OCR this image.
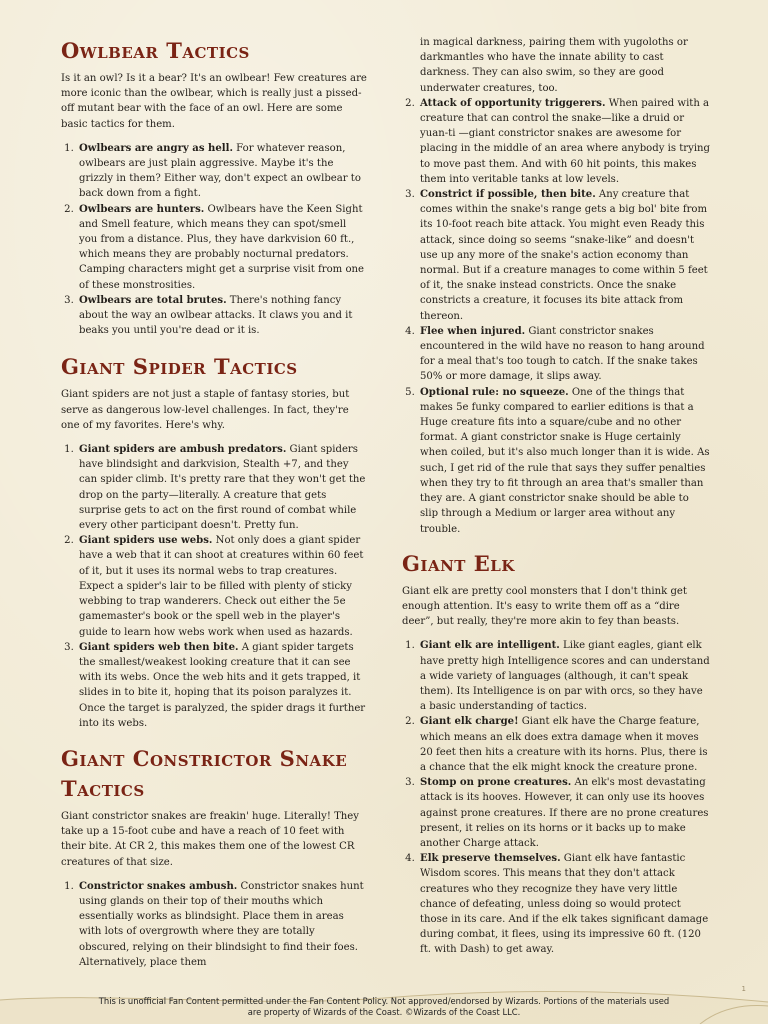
Owlbear Tactics

Is it an owl? Is it a bear? It's an owlbear! Few creatures are more iconic than the owlbear, which is really just a pissed-off mutant bear with the face of an owl. Here are some basic tactics for them.

1. Owlbears are angry as hell. For whatever reason, owlbears are just plain aggressive. Maybe it's the grizzly in them? Either way, don't expect an owlbear to back down from a fight.
2. Owlbears are hunters. Owlbears have the Keen Sight and Smell feature, which means they can spot/smell you from a distance. Plus, they have darkvision 60 ft., which means they are probably nocturnal predators. Camping characters might get a surprise visit from one of these monstrosities.
3. Owlbears are total brutes. There's nothing fancy about the way an owlbear attacks. It claws you and it beaks you until you're dead or it is.
Giant Spider Tactics

Giant spiders are not just a staple of fantasy stories, but serve as dangerous low-level challenges. In fact, they're one of my favorites. Here's why.

1. Giant spiders are ambush predators. Giant spiders have blindsight and darkvision, Stealth +7, and they can spider climb. It's pretty rare that they won't get the drop on the party—literally. A creature that gets surprise gets to act on the first round of combat while every other participant doesn't. Pretty fun.
2. Giant spiders use webs. Not only does a giant spider have a web that it can shoot at creatures within 60 feet of it, but it uses its normal webs to trap creatures. Expect a spider's lair to be filled with plenty of sticky webbing to trap wanderers. Check out either the 5e gamemaster's book or the spell web in the player's guide to learn how webs work when used as hazards.
3. Giant spiders web then bite. A giant spider targets the smallest/weakest looking creature that it can see with its webs. Once the web hits and it gets trapped, it slides in to bite it, hoping that its poison paralyzes it. Once the target is paralyzed, the spider drags it further into its webs.
Giant Constrictor Snake Tactics

Giant constrictor snakes are freakin' huge. Literally! They take up a 15-foot cube and have a reach of 10 feet with their bite. At CR 2, this makes them one of the lowest CR creatures of that size.

1. Constrictor snakes ambush. Constrictor snakes hunt using glands on their top of their mouths which essentially works as blindsight. Place them in areas with lots of overgrowth where they are totally obscured, relying on their blindsight to find their foes. Alternatively, place them

in magical darkness, pairing them with yugoloths or darkmantles who have the innate ability to cast darkness. They can also swim, so they are good underwater creatures, too.

2. Attack of opportunity triggerers. When paired with a creature that can control the snake—like a druid or yuan-ti —giant constrictor snakes are awesome for placing in the middle of an area where anybody is trying to move past them. And with 60 hit points, this makes them into veritable tanks at low levels.
3. Constrict if possible, then bite. Any creature that comes within the snake's range gets a big bol' bite from its 10-foot reach bite attack. You might even Ready this attack, since doing so seems “snake-like” and doesn't use up any more of the snake's action economy than normal. But if a creature manages to come within 5 feet of it, the snake instead constricts. Once the snake constricts a creature, it focuses its bite attack from thereon.
4. Flee when injured. Giant constrictor snakes encountered in the wild have no reason to hang around for a meal that's too tough to catch. If the snake takes 50% or more damage, it slips away.
5. Optional rule: no squeeze. One of the things that makes 5e funky compared to earlier editions is that a Huge creature fits into a square/cube and no other format. A giant constrictor snake is Huge certainly when coiled, but it's also much longer than it is wide. As such, I get rid of the rule that says they suffer penalties when they try to fit through an area that's smaller than they are. A giant constrictor snake should be able to slip through a Medium or larger area without any trouble.
Giant Elk

Giant elk are pretty cool monsters that I don't think get enough attention. It's easy to write them off as a “dire deer”, but really, they're more akin to fey than beasts.

1. Giant elk are intelligent. Like giant eagles, giant elk have pretty high Intelligence scores and can understand a wide variety of languages (although, it can't speak them). Its Intelligence is on par with orcs, so they have a basic understanding of tactics.
2. Giant elk charge! Giant elk have the Charge feature, which means an elk does extra damage when it moves 20 feet then hits a creature with its horns. Plus, there is a chance that the elk might knock the creature prone.
3. Stomp on prone creatures. An elk's most devastating attack is its hooves. However, it can only use its hooves against prone creatures. If there are no prone creatures present, it relies on its horns or it backs up to make another Charge attack.
4. Elk preserve themselves. Giant elk have fantastic Wisdom scores. This means that they don't attack creatures who they recognize they have very little chance of defeating, unless doing so would protect those in its care. And if the elk takes significant damage during combat, it flees, using its impressive 60 ft. (120 ft. with Dash) to get away.
1
This is unofficial Fan Content permitted under the Fan Content Policy. Not approved/endorsed by Wizards. Portions of the materials used
are property of Wizards of the Coast. ©Wizards of the Coast LLC.
